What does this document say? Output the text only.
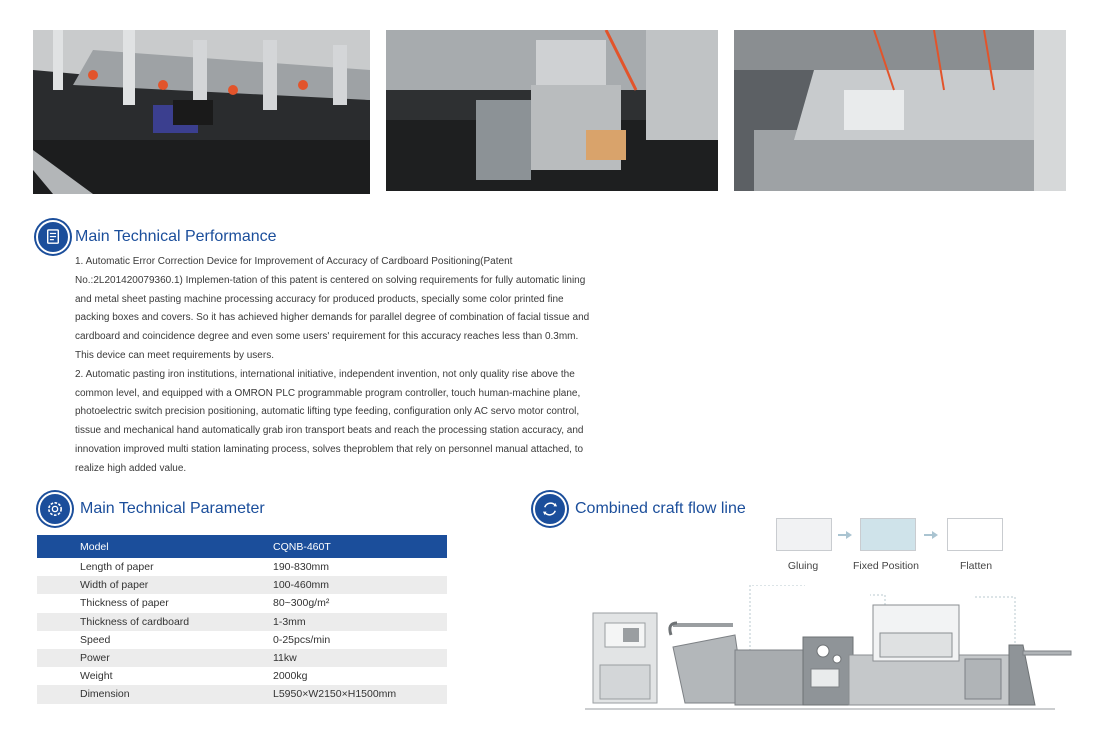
Main Technical Performance

1. Automatic Error Correction Device for Improvement of Accuracy of Cardboard Positioning(Patent No.:2L201420079360.1) Implemen-tation of this patent is centered on solving requirements for fully automatic lining and metal sheet pasting machine processing accuracy for produced products, specially some color printed fine packing boxes and covers. So it has achieved higher demands for parallel degree of combination of facial tissue and cardboard and coincidence degree and even some users' requirement for this accuracy reaches less than 0.3mm. This device can meet requirements by users.

2. Automatic pasting iron institutions, international initiative, independent invention, not only quality rise above the common level, and equipped with a OMRON PLC programmable program controller, touch human-machine plane, photoelectric switch precision positioning, automatic lifting type feeding, configuration only AC servo motor control, tissue and mechanical hand automatically grab iron transport beats and reach the processing station accuracy, and innovation improved multi station laminating process, solves theproblem that rely on personnel manual attached, to realize high added value.

Main Technical Parameter
Model	CQNB-460T
Length of paper	190-830mm
Width of paper	100-460mm
Thickness of paper	80~300g/m²
Thickness of cardboard	1-3mm
Speed	0-25pcs/min
Power	11kw
Weight	2000kg
Dimension	L5950×W2150×H1500mm
Combined craft flow line
Gluing	Fixed Position	Flatten
